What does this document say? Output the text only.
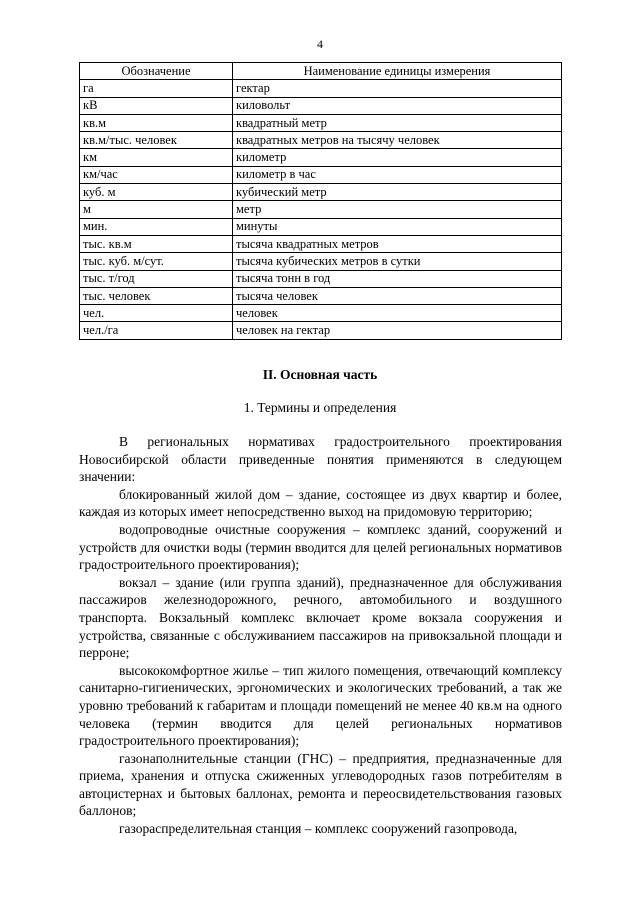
4
Обозначение	Наименование единицы измерения
га	гектар
кВ	киловольт
кв.м	квадратный метр
кв.м/тыс. человек	квадратных метров на тысячу человек
км	километр
км/час	километр в час
куб. м	кубический метр
м	метр
мин.	минуты
тыс. кв.м	тысяча квадратных метров
тыс. куб. м/сут.	тысяча кубических метров в сутки
тыс. т/год	тысяча тонн в год
тыс. человек	тысяча человек
чел.	человек
чел./га	человек на гектар
II. Основная часть
1. Термины и определения

В региональных нормативах градостроительного проектирования Новосибирской области приведенные понятия применяются в следующем значении:

блокированный жилой дом – здание, состоящее из двух квартир и более, каждая из которых имеет непосредственно выход на придомовую территорию;

водопроводные очистные сооружения – комплекс зданий, сооружений и устройств для очистки воды (термин вводится для целей региональных нормативов градостроительного проектирования);

вокзал – здание (или группа зданий), предназначенное для обслуживания пассажиров железнодорожного, речного, автомобильного и воздушного транспорта. Вокзальный комплекс включает кроме вокзала сооружения и устройства, связанные с обслуживанием пассажиров на привокзальной площади и перроне;

высококомфортное жилье – тип жилого помещения, отвечающий комплексу санитарно-гигиенических, эргономических и экологических требований, а так же уровню требований к габаритам и площади помещений не менее 40 кв.м на одного человека (термин вводится для целей региональных нормативов градостроительного проектирования);

газонаполнительные станции (ГНС) – предприятия, предназначенные для приема, хранения и отпуска сжиженных углеводородных газов потребителям в автоцистернах и бытовых баллонах, ремонта и переосвидетельствования газовых баллонов;

газораспределительная станция – комплекс сооружений газопровода,
